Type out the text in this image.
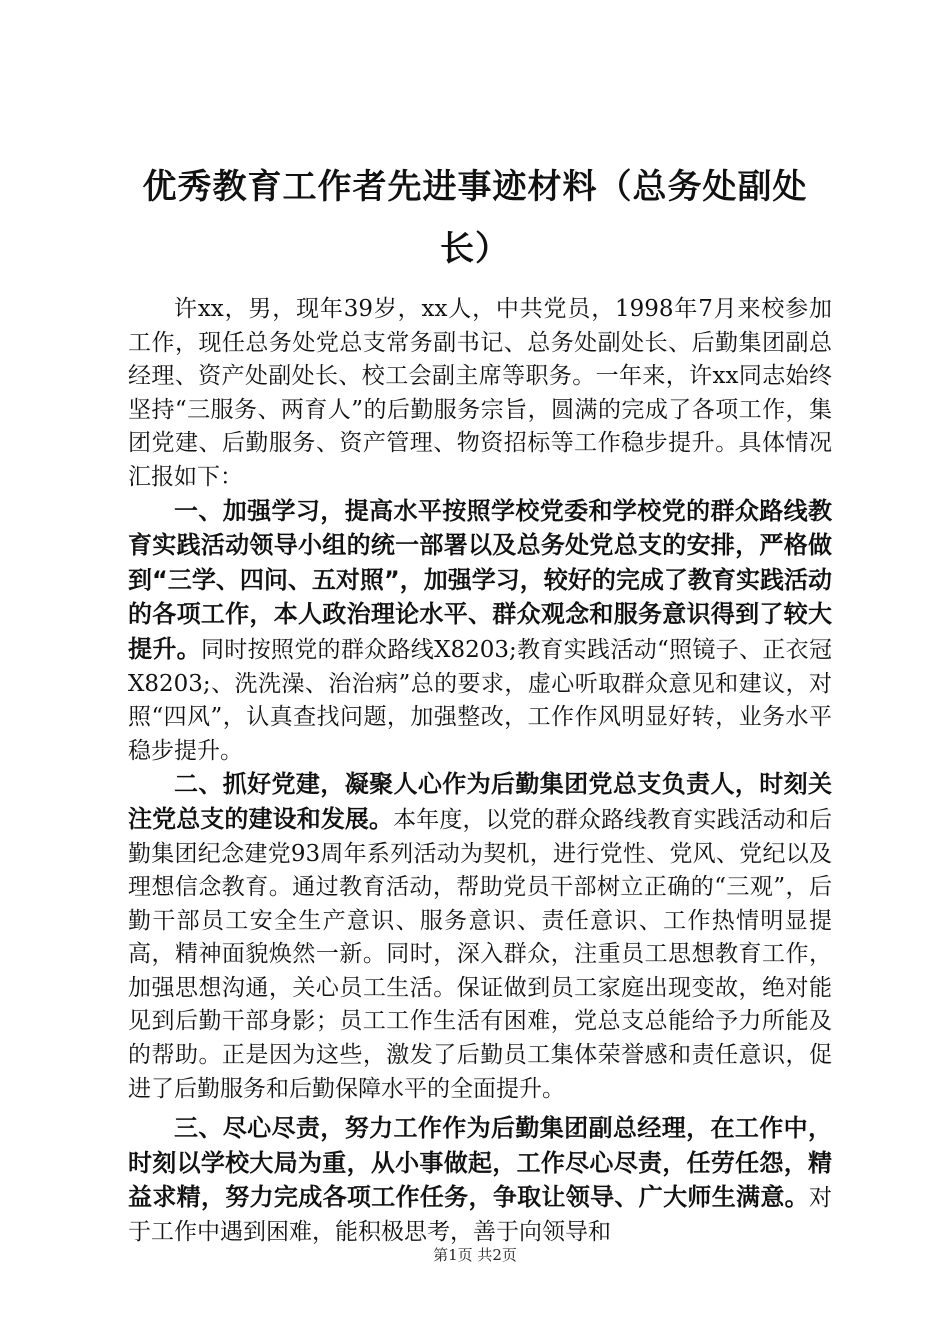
优秀教育工作者先进事迹材料（总务处副处
长）

许xx，男，现年39岁，xx人，中共党员，1998年7月来校参加工作，现任总务处党总支常务副书记、总务处副处长、后勤集团副总经理、资产处副处长、校工会副主席等职务。一年来，许xx同志始终坚持“三服务、两育人”的后勤服务宗旨，圆满的完成了各项工作，集团党建、后勤服务、资产管理、物资招标等工作稳步提升。具体情况汇报如下：

一、加强学习，提高水平按照学校党委和学校党的群众路线教育实践活动领导小组的统一部署以及总务处党总支的安排，严格做到“三学、四问、五对照”，加强学习，较好的完成了教育实践活动的各项工作，本人政治理论水平、群众观念和服务意识得到了较大提升。同时按照党的群众路线X8203;教育实践活动“照镜子、正衣冠X8203;、洗洗澡、治治病”总的要求，虚心听取群众意见和建议，对照“四风”，认真查找问题，加强整改，工作作风明显好转，业务水平稳步提升。

二、抓好党建，凝聚人心作为后勤集团党总支负责人，时刻关注党总支的建设和发展。本年度，以党的群众路线教育实践活动和后勤集团纪念建党93周年系列活动为契机，进行党性、党风、党纪以及理想信念教育。通过教育活动，帮助党员干部树立正确的“三观”，后勤干部员工安全生产意识、服务意识、责任意识、工作热情明显提高，精神面貌焕然一新。同时，深入群众，注重员工思想教育工作，加强思想沟通，关心员工生活。保证做到员工家庭出现变故，绝对能见到后勤干部身影；员工工作生活有困难，党总支总能给予力所能及的帮助。正是因为这些，激发了后勤员工集体荣誉感和责任意识，促进了后勤服务和后勤保障水平的全面提升。

三、尽心尽责，努力工作作为后勤集团副总经理，在工作中，时刻以学校大局为重，从小事做起，工作尽心尽责，任劳任怨，精益求精，努力完成各项工作任务，争取让领导、广大师生满意。对于工作中遇到困难，能积极思考，善于向领导和

第1页 共2页
